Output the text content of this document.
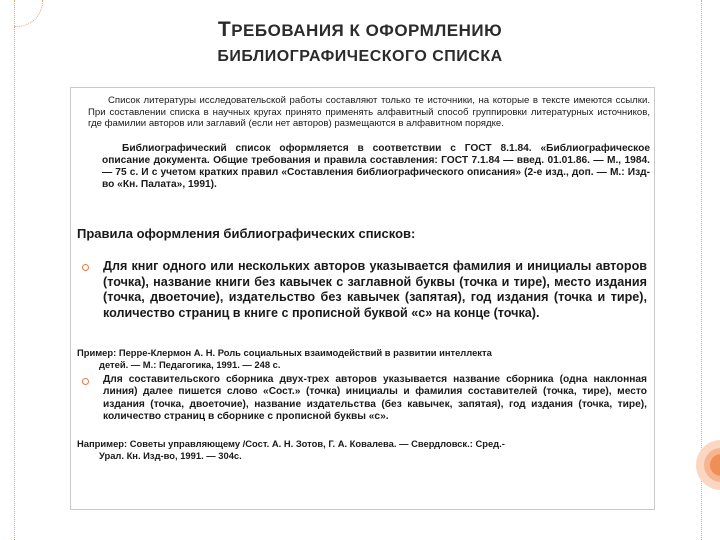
ТРЕБОВАНИЯ К ОФОРМЛЕНИЮ
БИБЛИОГРАФИЧЕСКОГО СПИСКА

Список литературы исследовательской работы составляют только те источники, на которые в тексте имеются ссылки. При составлении списка в научных кругах принято применять алфавитный способ группировки литературных источников, где фамилии авторов или заглавий (если нет авторов) размещаются в алфавитном порядке.

Библиографический список оформляется в соответствии с ГОСТ 8.1.84. «Библиографическое описание документа. Общие требования и правила составления: ГОСТ 7.1.84 — введ. 01.01.86. — М., 1984. — 75 с. И с учетом кратких правил «Составления библиографического описания» (2-е изд., доп. — М.: Изд-во «Кн. Палата», 1991).

Правила оформления библиографических списков:

Для книг одного или нескольких авторов указывается фамилия и инициалы авторов (точка), название книги без кавычек с заглавной буквы (точка и тире), место издания (точка, двоеточие), издательство без кавычек (запятая), год издания (точка и тире), количество страниц в книге с прописной буквой «с» на конце (точка).

Пример: Перре-Клермон А. Н. Роль социальных взаимодействий в развитии интеллекта
детей. — М.: Педагогика, 1991. — 248 с.

Для составительского сборника двух-трех авторов указывается название сборника (одна наклонная линия) далее пишется слово «Сост.» (точка) инициалы и фамилия составителей (точка, тире), место издания (точка, двоеточие), название издательства (без кавычек, запятая), год издания (точка, тире), количество страниц в сборнике с прописной буквы «с».

Например: Советы управляющему /Сост. А. Н. Зотов, Г. А. Ковалева. — Свердловск.: Сред.-
Урал. Кн. Изд-во, 1991. — 304с.
